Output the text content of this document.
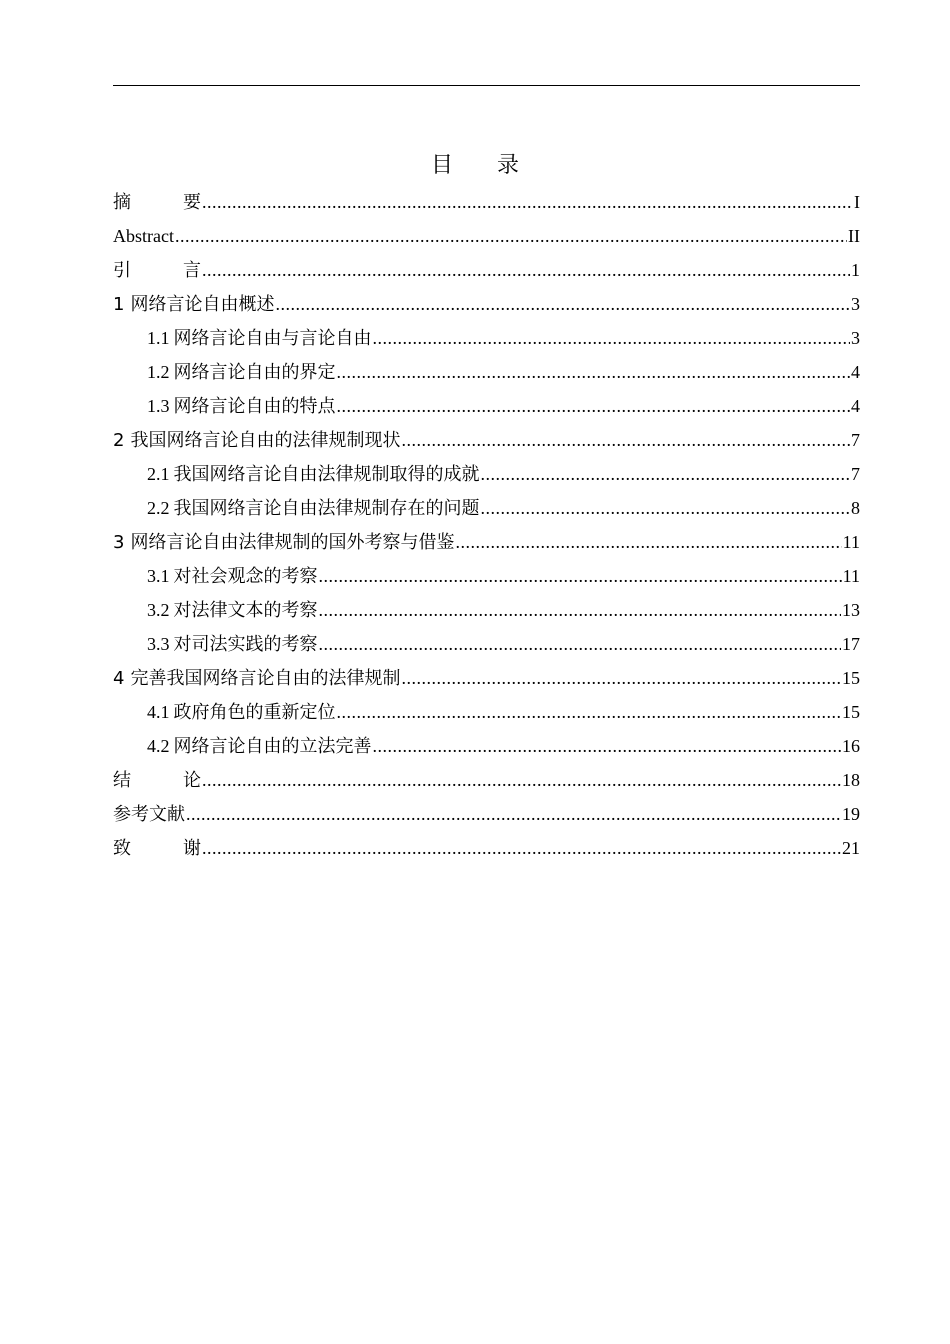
目 录
摘	要 .....	I
Abstract .....	II
引	言 .....	1
1 网络言论自由概述 .....	3
1.1 网络言论自由与言论自由 .....	3
1.2 网络言论自由的界定 .....	4
1.3 网络言论自由的特点 .....	4
2 我国网络言论自由的法律规制现状 .....	7
2.1 我国网络言论自由法律规制取得的成就 .....	7
2.2 我国网络言论自由法律规制存在的问题 .....	8
3 网络言论自由法律规制的国外考察与借鉴 .....	11
3.1 对社会观念的考察 .....	11
3.2 对法律文本的考察 .....	13
3.3 对司法实践的考察 .....	17
4 完善我国网络言论自由的法律规制 .....	15
4.1 政府角色的重新定位 .....	15
4.2 网络言论自由的立法完善 .....	16
结	论 .....	18
参考文献 .....	19
致	谢 .....	21
